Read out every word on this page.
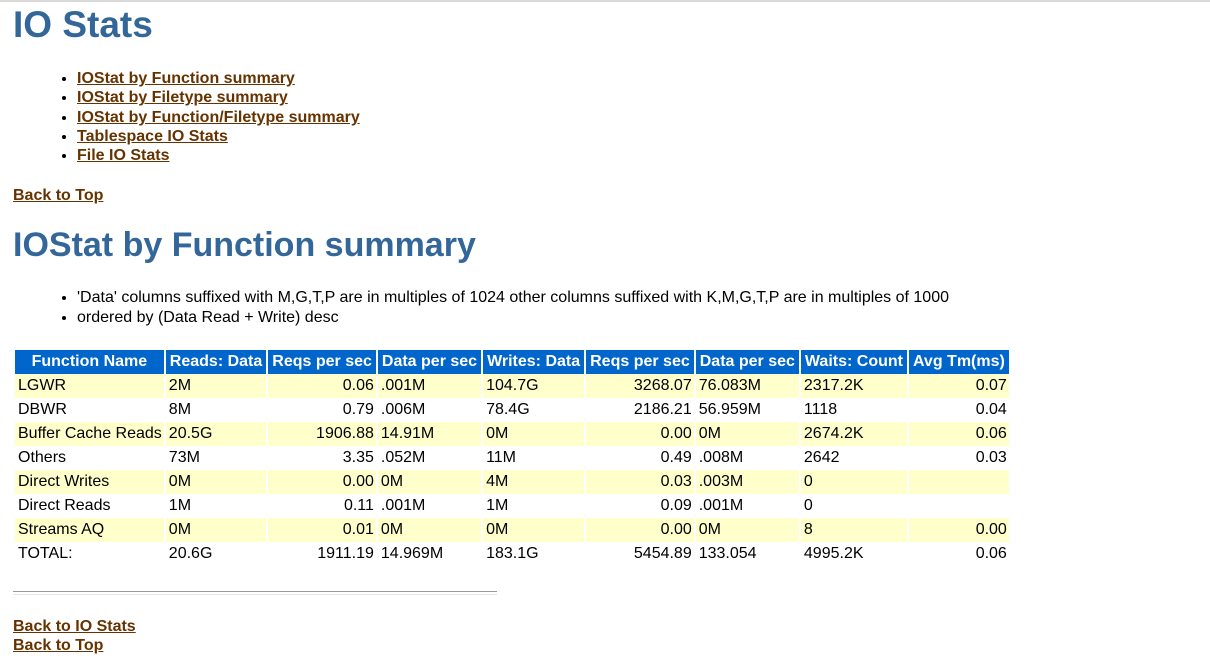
IO Stats
• IOStat by Function summary
• IOStat by Filetype summary
• IOStat by Function/Filetype summary
• Tablespace IO Stats
• File IO Stats
Back to Top
IOStat by Function summary
• 'Data' columns suffixed with M,G,T,P are in multiples of 1024 other columns suffixed with K,M,G,T,P are in multiples of 1000
• ordered by (Data Read + Write) desc
Function Name	Reads: Data	Reqs per sec	Data per sec	Writes: Data	Reqs per sec	Data per sec	Waits: Count	Avg Tm(ms)
LGWR	2M	0.06	.001M	104.7G	3268.07	76.083M	2317.2K	0.07
DBWR	8M	0.79	.006M	78.4G	2186.21	56.959M	1118	0.04
Buffer Cache Reads	20.5G	1906.88	14.91M	0M	0.00	0M	2674.2K	0.06
Others	73M	3.35	.052M	11M	0.49	.008M	2642	0.03
Direct Writes	0M	0.00	0M	4M	0.03	.003M	0	
Direct Reads	1M	0.11	.001M	1M	0.09	.001M	0	
Streams AQ	0M	0.01	0M	0M	0.00	0M	8	0.00
TOTAL:	20.6G	1911.19	14.969M	183.1G	5454.89	133.054	4995.2K	0.06
Back to IO Stats
Back to Top
